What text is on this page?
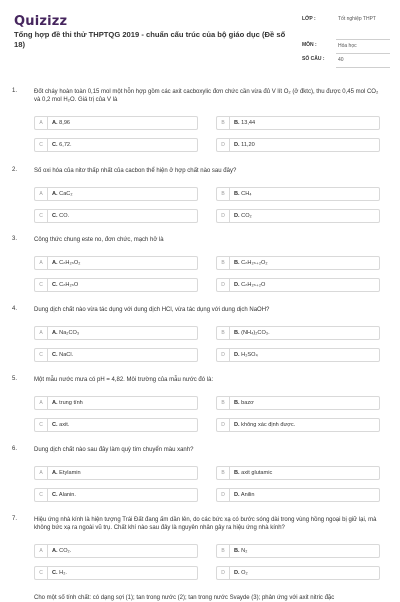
Quizizz
Tổng hợp đề thi thử THPTQG 2019 - chuẩn cấu trúc của bộ giáo dục (Đề số 18)
LỚP :	Tốt nghiệp THPT
MÔN :	Hóa học
SỐ CÂU :	40
1.	Đốt cháy hoàn toàn 0,15 mol một hỗn hợp gồm các axit cacboxylic đơn chức cần vừa đủ V lít O₂ (ở đktc), thu được 0,45 mol CO₂ và 0,2 mol H₂O. Giá trị của V là
A	A. 8,96	B	B. 13,44
C	C. 6,72.	D	D. 11,20
2.	Số oxi hóa của nitơ thấp nhất của cacbon thể hiện ở hợp chất nào sau đây?
A	A. CaC₂	B	B. CH₄
C	C. CO.	D	D. CO₂
3.	Công thức chung este no, đơn chức, mạch hở là
A	A. CₙH₂ₙO₂	B	B. CₙH₂ₙ₊₂O₂
C	C. CₙH₂ₙO	D	D. CₙH₂ₙ₊₂O
4.	Dung dịch chất nào vừa tác dụng với dung dịch HCl, vừa tác dụng với dung dịch NaOH?
A	A. Na₂CO₃	B	B. (NH₄)₂CO₃.
C	C. NaCl.	D	D. H₂SO₄
5.	Một mẫu nước mưa có pH = 4,82. Môi trường của mẫu nước đó là:
A	A. trung tính	B	B. bazơ
C	C. axit.	D	D. không xác định được.
6.	Dung dịch chất nào sau đây làm quỳ tím chuyển màu xanh?
A	A. Etylamin	B	B. axit glutamic
C	C. Alanin.	D	D. Anilin
7.	Hiệu ứng nhà kính là hiện tượng Trái Đất đang ấm dần lên, do các bức xạ có bước sóng dài trong vùng hồng ngoại bị giữ lại, mà không bức xạ ra ngoài vũ trụ. Chất khí nào sau đây là nguyên nhân gây ra hiệu ứng nhà kính?
A	A. CO₂.	B	B. N₂
C	C. H₂.	D	D. O₂
Cho một số tính chất: có dạng sợi (1); tan trong nước (2); tan trong nước Svayde (3); phản ứng với axit nitric đặc
